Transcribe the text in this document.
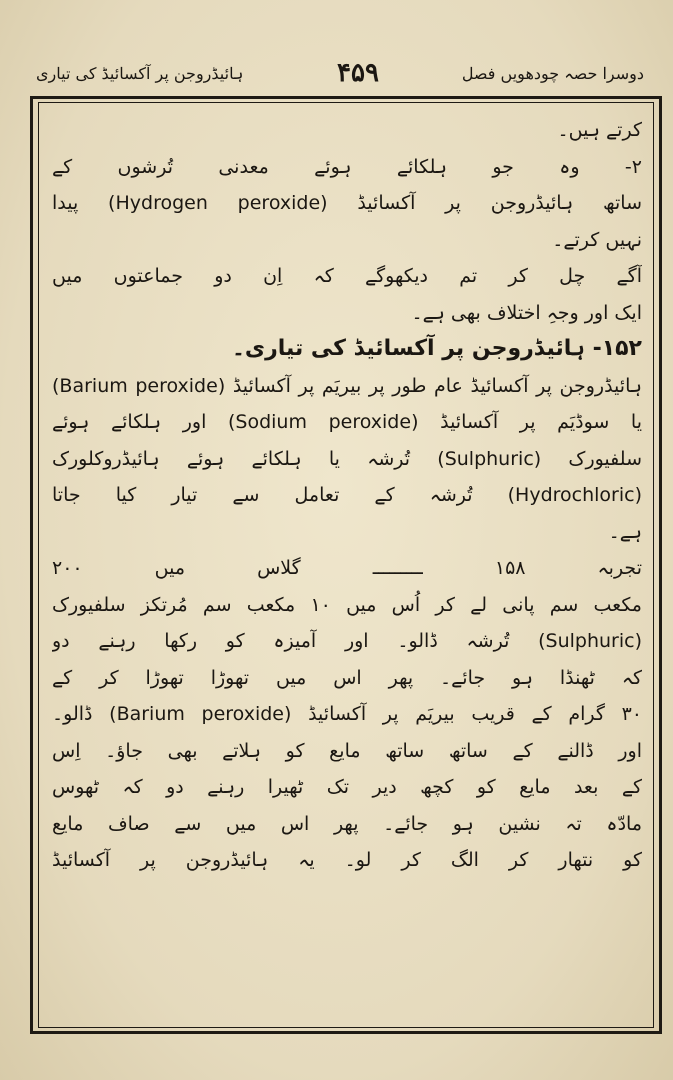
ہائیڈروجن پر آکسائیڈ کی تیاری	۴۵۹	دوسرا حصہ چودھویں فصل
کرتے ہیں۔
۲- وہ جو ہلکائے ہوئے معدنی تُرشوں کے
ساتھ ہائیڈروجن پر آکسائیڈ (Hydrogen peroxide) پیدا
نہیں کرتے۔
آگے چل کر تم دیکھوگے کہ اِن دو جماعتوں میں
ایک اور وجہِ اختلاف بھی ہے۔
۱۵۲- ہائیڈروجن پر آکسائیڈ کی تیاری۔
ہائیڈروجن پر آکسائیڈ عام طور پر بیریَم پر آکسائیڈ (Barium peroxide)
یا سوڈیَم پر آکسائیڈ (Sodium peroxide) اور ہلکائے ہوئے
سلفیورک (Sulphuric) تُرشہ یا ہلکائے ہوئے ہائیڈروکلورک
(Hydrochloric) تُرشہ کے تعامل سے تیار کیا جاتا
ہے۔
تجربہ ۱۵۸ ـــــــــ گلاس میں ۲۰۰
مکعب سم پانی لے کر اُس میں ۱۰ مکعب سم مُرتکز سلفیورک
(Sulphuric) تُرشہ ڈالو۔ اور آمیزہ کو رکھا رہنے دو
کہ ٹھنڈا ہو جائے۔ پھر اس میں تھوڑا تھوڑا کر کے
۳۰ گرام کے قریب بیریَم پر آکسائیڈ (Barium peroxide) ڈالو۔
اور ڈالنے کے ساتھ ساتھ مایع کو ہلاتے بھی جاؤ۔ اِس
کے بعد مایع کو کچھ دیر تک ٹھیرا رہنے دو کہ ٹھوس
مادّہ تہ نشین ہو جائے۔ پھر اس میں سے صاف مایع
کو نتھار کر الگ کر لو۔ یہ ہائیڈروجن پر آکسائیڈ
